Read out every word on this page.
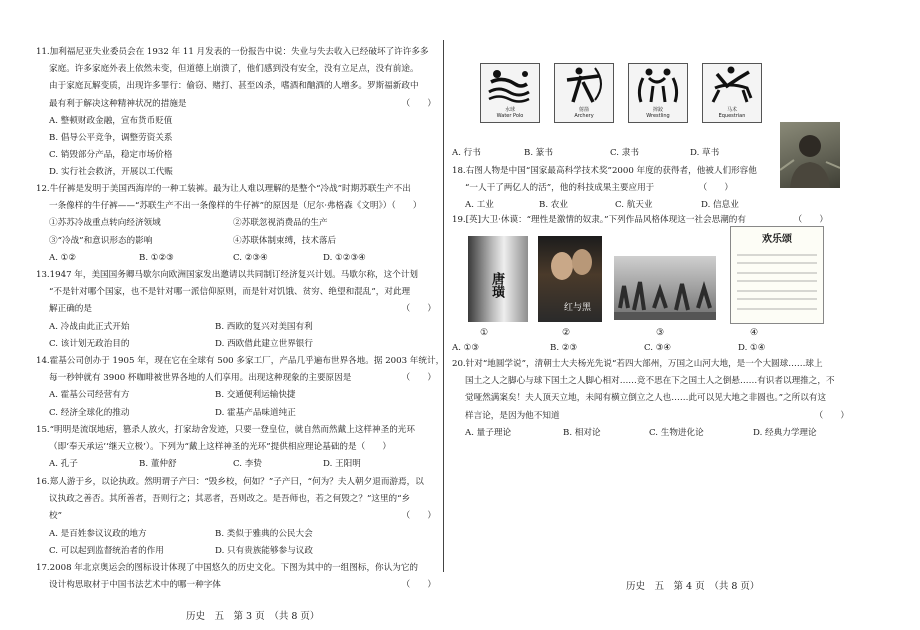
11.加利福尼亚失业委员会在 1932 年 11 月发表的一份报告中说：失业与失去收入已经破坏了许许多多
家庭。许多家庭外表上依然未变，但道德上崩溃了，他们感到没有安全，没有立足点，没有前途。
由于家庭瓦解变质，出现许多罪行：偷窃、赌打、甚至凶杀，嗜酒和酗酒的人增多。罗斯福新政中
最有利于解决这种精神状况的措施是	（　　）
A. 整顿财政金融，宣布货币贬值
B. 倡导公平竞争，调整劳资关系
C. 销毁部分产品，稳定市场价格
D. 实行社会救济，开展以工代赈
12.牛仔裤是发明于美国西海岸的一种工装裤。最为让人难以理解的是整个“冷战”时期苏联生产不出
一条像样的牛仔裤——“苏联生产不出一条像样的牛仔裤”的原因是（尼尔·弗格森《文明》）（　　）
①苏苏冷战重点转向经济领域	②苏联忽视消费品的生产
③“冷战”和意识形态的影响	④苏联体制束缚，技术落后
A. ①②	B. ①②③	C. ②③④	D. ①②③④
13.1947 年，美国国务卿马歇尔向欧洲国家发出邀请以共同制订经济复兴计划。马歇尔称，这个计划
“不是针对哪个国家，也不是针对哪一派信仰原则，而是针对饥饿、贫穷、绝望和混乱”，对此理
解正确的是	（　　）
A. 冷战由此正式开始	B. 西欧的复兴对美国有利
C. 该计划无政治目的	D. 西欧借此建立世界银行
14.霍基公司创办于 1905 年，现在它在全球有 500 多家工厂，产品几乎遍布世界各地。据 2003 年统计，
每一秒钟就有 3900 杯咖啡被世界各地的人们享用。出现这种现象的主要原因是	（　　）
A. 霍基公司经营有方	B. 交通便利运输快捷
C. 经济全球化的推动	D. 霍基产品味道纯正
15.“明明是流氓地痞，篡杀人放火，打家劫舍发迹，只要一登皇位，就自然而然戴上这样神圣的光环
（即‘奉天承运’‘继天立极’）。下列为“戴上这样神圣的光环”提供相应理论基础的是（　　）
A. 孔子	B. 董仲舒	C. 李贽	D. 王阳明
16.郑人游于乡，以论执政。然明谓子产曰：“毁乡校，何如？”子产曰，“何为？夫人朝夕退而游焉，以
议执政之善否。其所善者，吾则行之；其恶者，吾则改之。是吾师也，若之何毁之？”这里的“乡
校”	（　　）
A. 是百姓参议议政的地方	B. 类似于雅典的公民大会
C. 可以起到监督统治者的作用	D. 只有贵族能够参与议政
17.2008 年北京奥运会的图标设计体现了中国悠久的历史文化。下图为其中的一组图标，你认为它的
设计构思取材于中国书法艺术中的哪一种字体	（　　）
历史　五　第 3 页　（共 8 页）
水球
Water Polo
射箭
Archery
摔跤
Wrestling
马术
Equestrian
A. 行书	B. 篆书	C. 隶书	D. 草书
18.右图人物是中国“国家最高科学技术奖”2000 年度的获得者，他被人们形容他
“一人干了两亿人的活”，他的科技成果主要应用于	（　　）
A. 工业	B. 农业	C. 航天业	D. 信息业
19.[英]大卫·休谟：“理性是激情的奴隶。”下列作品风格体现这一社会思潮的有	（　　）
唐璜
红与黑
欢乐颂
①	②	③	④
A. ①③	B. ②③	C. ③④	D. ①④
20.针对“地圆学说”，清朝士大夫杨光先说“若四大部州，万国之山河大地，是一个大圆球……球上
国土之人之脚心与球下国土之人脚心相对……竞不思在下之国土人之倒悬……有识者以理推之，不
觉哑然满案矣！夫人顶天立地，未闻有横立倒立之人也……此可以见大地之非圆也。”之所以有这
样言论，是因为他不知道	（　　）
A. 量子理论	B. 相对论	C. 生物进化论	D. 经典力学理论
历史　五　第 4 页　（共 8 页）
